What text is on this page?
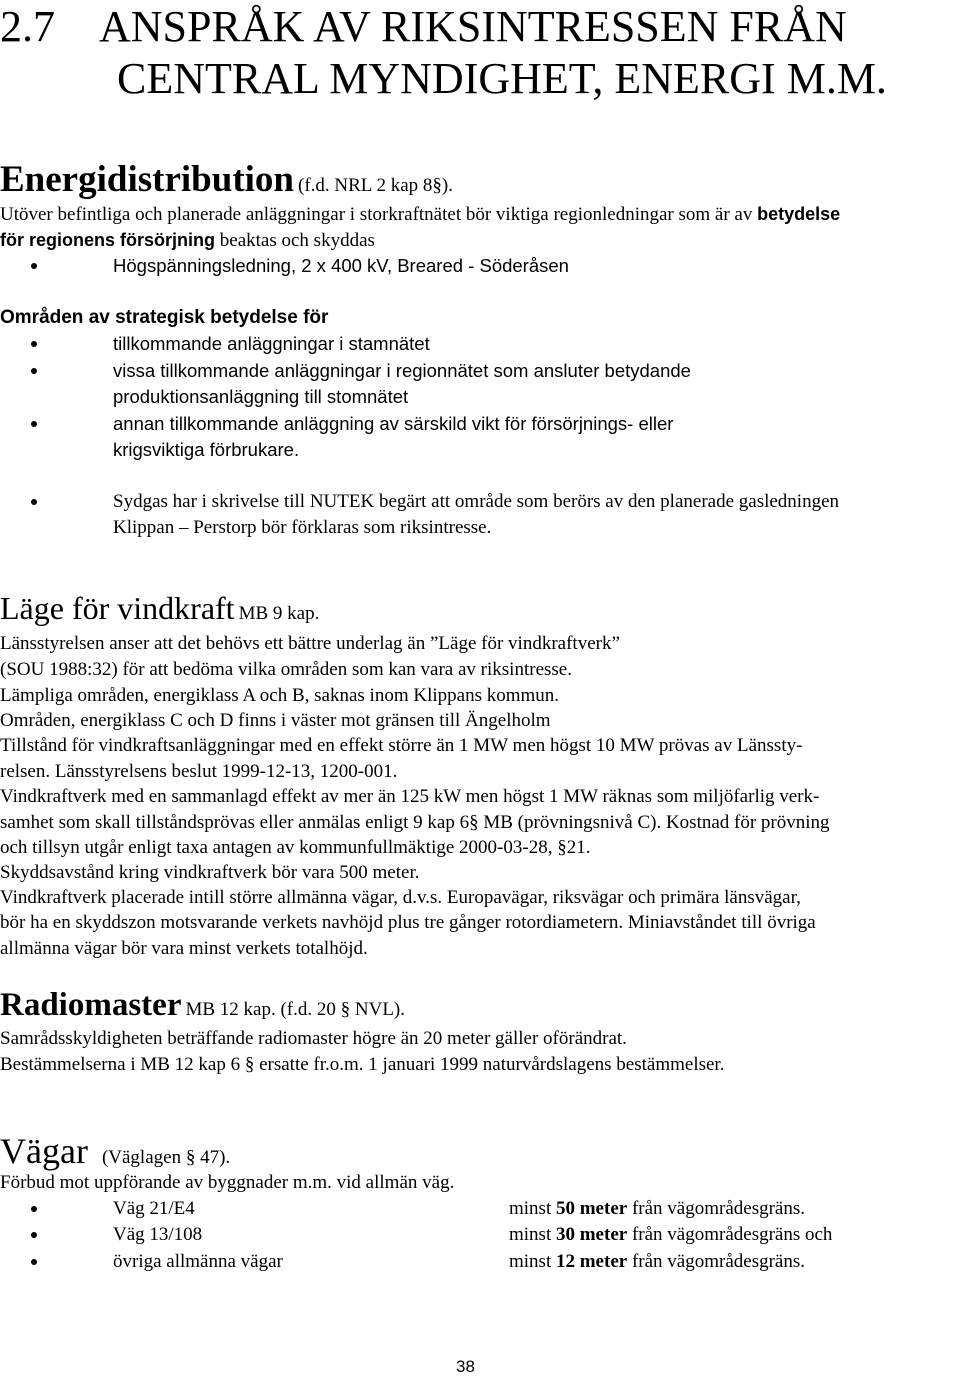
2.7 ANSPRÅK AV RIKSINTRESSEN FRÅN
CENTRAL MYNDIGHET, ENERGI M.M.
Energidistribution (f.d. NRL 2 kap 8§).
Utöver befintliga och planerade anläggningar i storkraftnätet bör viktiga regionledningar som är av betydelse
för regionens försörjning beaktas och skyddas
Högspänningsledning, 2 x 400 kV, Breared - Söderåsen
Områden av strategisk betydelse för
tillkommande anläggningar i stamnätet
vissa tillkommande anläggningar i regionnätet som ansluter betydande
produktionsanläggning till stomnätet
annan tillkommande anläggning av särskild vikt för försörjnings- eller
krigsviktiga förbrukare.
Sydgas har i skrivelse till NUTEK begärt att område som berörs av den planerade gasledningen
Klippan – Perstorp bör förklaras som riksintresse.
Läge för vindkraft MB 9 kap.
Länsstyrelsen anser att det behövs ett bättre underlag än ”Läge för vindkraftverk”
(SOU 1988:32) för att bedöma vilka områden som kan vara av riksintresse.
Lämpliga områden, energiklass A och B, saknas inom Klippans kommun.
Områden, energiklass C och D finns i väster mot gränsen till Ängelholm
Tillstånd för vindkraftsanläggningar med en effekt större än 1 MW men högst 10 MW prövas av Länssty-
relsen. Länsstyrelsens beslut 1999-12-13, 1200-001.
Vindkraftverk med en sammanlagd effekt av mer än 125 kW men högst 1 MW räknas som miljöfarlig verk-
samhet som skall tillståndsprövas eller anmälas enligt 9 kap 6§ MB (prövningsnivå C). Kostnad för prövning
och tillsyn utgår enligt taxa antagen av kommunfullmäktige 2000-03-28, §21.
Skyddsavstånd kring vindkraftverk bör vara 500 meter.
Vindkraftverk placerade intill större allmänna vägar, d.v.s. Europavägar, riksvägar och primära länsvägar,
bör ha en skyddszon motsvarande verkets navhöjd plus tre gånger rotordiametern. Miniavståndet till övriga
allmänna vägar bör vara minst verkets totalhöjd.
Radiomaster MB 12 kap. (f.d. 20 § NVL).
Samrådsskyldigheten beträffande radiomaster högre än 20 meter gäller oförändrat.
Bestämmelserna i MB 12 kap 6 § ersatte fr.o.m. 1 januari 1999 naturvårdslagens bestämmelser.
Vägar (Väglagen § 47).
Förbud mot uppförande av byggnader m.m. vid allmän väg.
Väg 21/E4	minst 50 meter från vägområdesgräns.
Väg 13/108	minst 30 meter från vägområdesgräns och
övriga allmänna vägar	minst 12 meter från vägområdesgräns.
38
